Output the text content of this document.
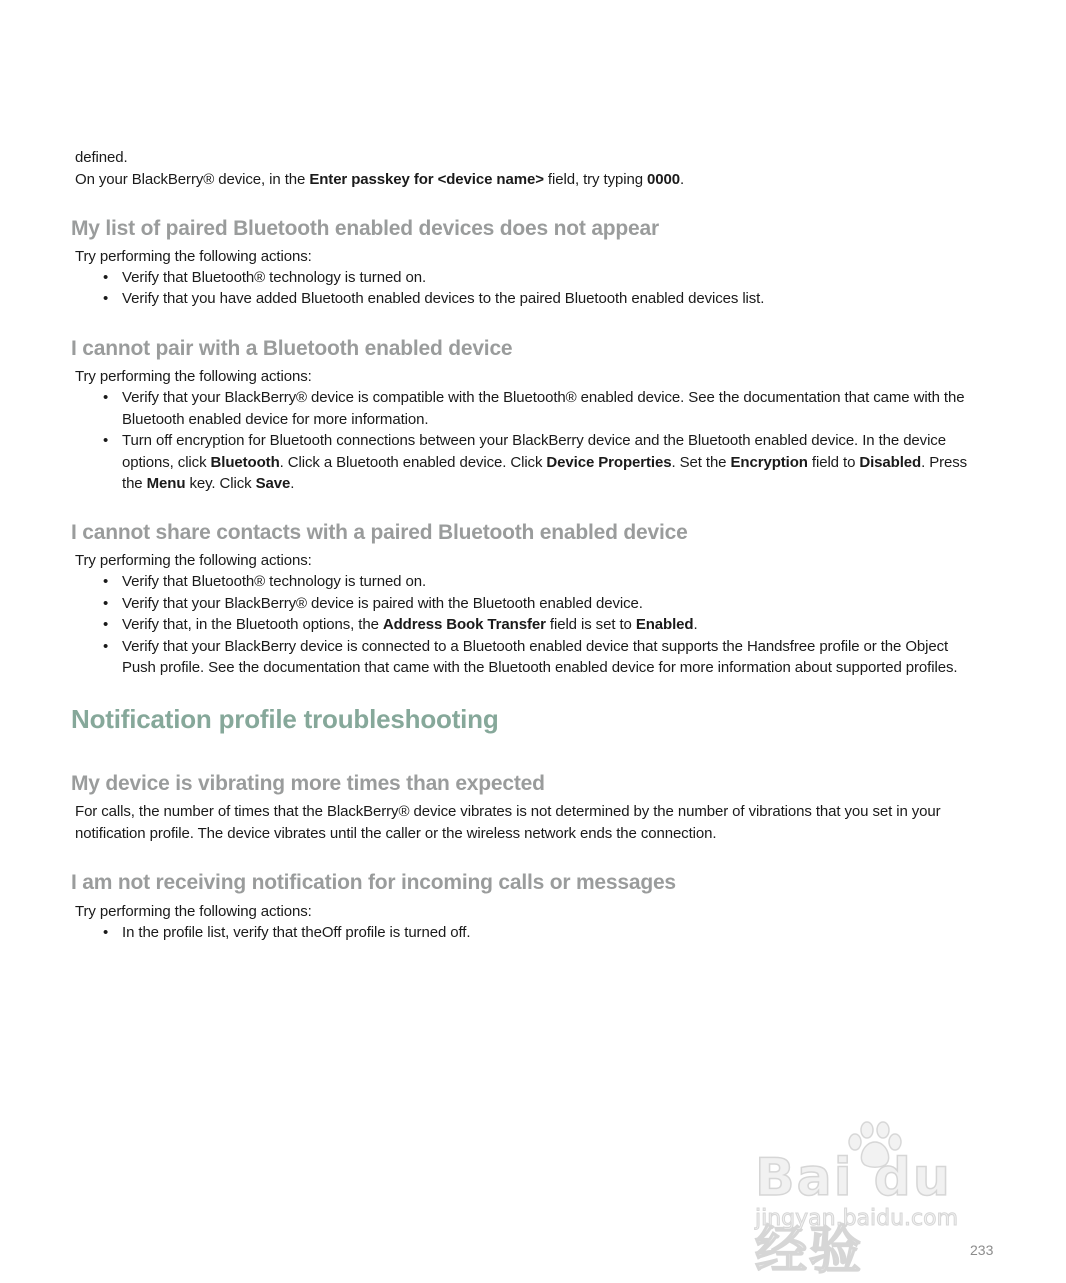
defined.
On your BlackBerry® device, in the Enter passkey for <device name> field, try typing 0000.
My list of paired Bluetooth enabled devices does not appear
Try performing the following actions:
• Verify that Bluetooth® technology is turned on.
• Verify that you have added Bluetooth enabled devices to the paired Bluetooth enabled devices list.
I cannot pair with a Bluetooth enabled device
Try performing the following actions:
• Verify that your BlackBerry® device is compatible with the Bluetooth® enabled device. See the documentation that came with the
Bluetooth enabled device for more information.
• Turn off encryption for Bluetooth connections between your BlackBerry device and the Bluetooth enabled device. In the device
options, click Bluetooth. Click a Bluetooth enabled device. Click Device Properties. Set the Encryption field to Disabled. Press
the Menu key. Click Save.
I cannot share contacts with a paired Bluetooth enabled device
Try performing the following actions:
• Verify that Bluetooth® technology is turned on.
• Verify that your BlackBerry® device is paired with the Bluetooth enabled device.
• Verify that, in the Bluetooth options, the Address Book Transfer field is set to Enabled.
• Verify that your BlackBerry device is connected to a Bluetooth enabled device that supports the Handsfree profile or the Object
Push profile. See the documentation that came with the Bluetooth enabled device for more information about supported profiles.
Notification profile troubleshooting
My device is vibrating more times than expected
For calls, the number of times that the BlackBerry® device vibrates is not determined by the number of vibrations that you set in your
notification profile. The device vibrates until the caller or the wireless network ends the connection.
I am not receiving notification for incoming calls or messages
Try performing the following actions:
• In the profile list, verify that theOff profile is turned off.
Bai du 经验
jingyan.baidu.com
233
